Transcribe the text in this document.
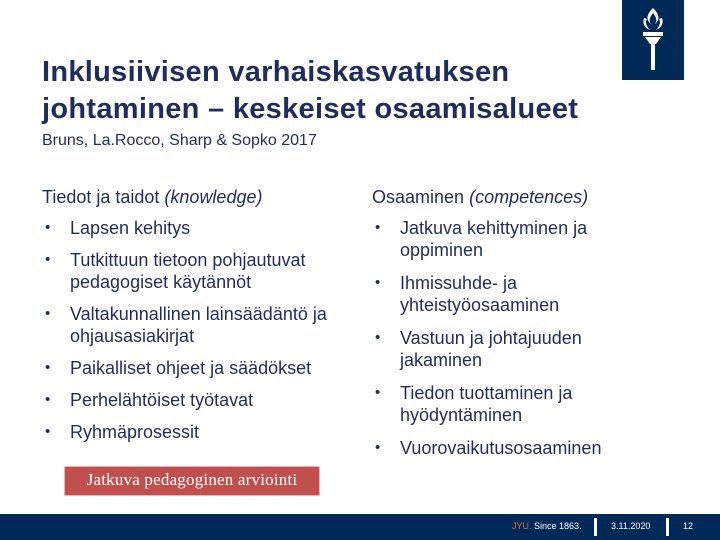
Inklusiivisen varhaiskasvatuksen
johtaminen – keskeiset osaamisalueet

Bruns, La.Rocco, Sharp & Sopko 2017

Tiedot ja taidot (knowledge)

• Lapsen kehitys
• Tutkittuun tietoon pohjautuvat pedagogiset käytännöt
• Valtakunnallinen lainsäädäntö ja ohjausasiakirjat
• Paikalliset ohjeet ja säädökset
• Perhelähtöiset työtavat
• Ryhmäprosessit

Osaaminen (competences)

• Jatkuva kehittyminen ja oppiminen
• Ihmissuhde- ja yhteistyöosaaminen
• Vastuun ja johtajuuden jakaminen
• Tiedon tuottaminen ja hyödyntäminen
• Vuorovaikutusosaaminen
Jatkuva pedagoginen arviointi
JYU. Since 1863.	3.11.2020	12
